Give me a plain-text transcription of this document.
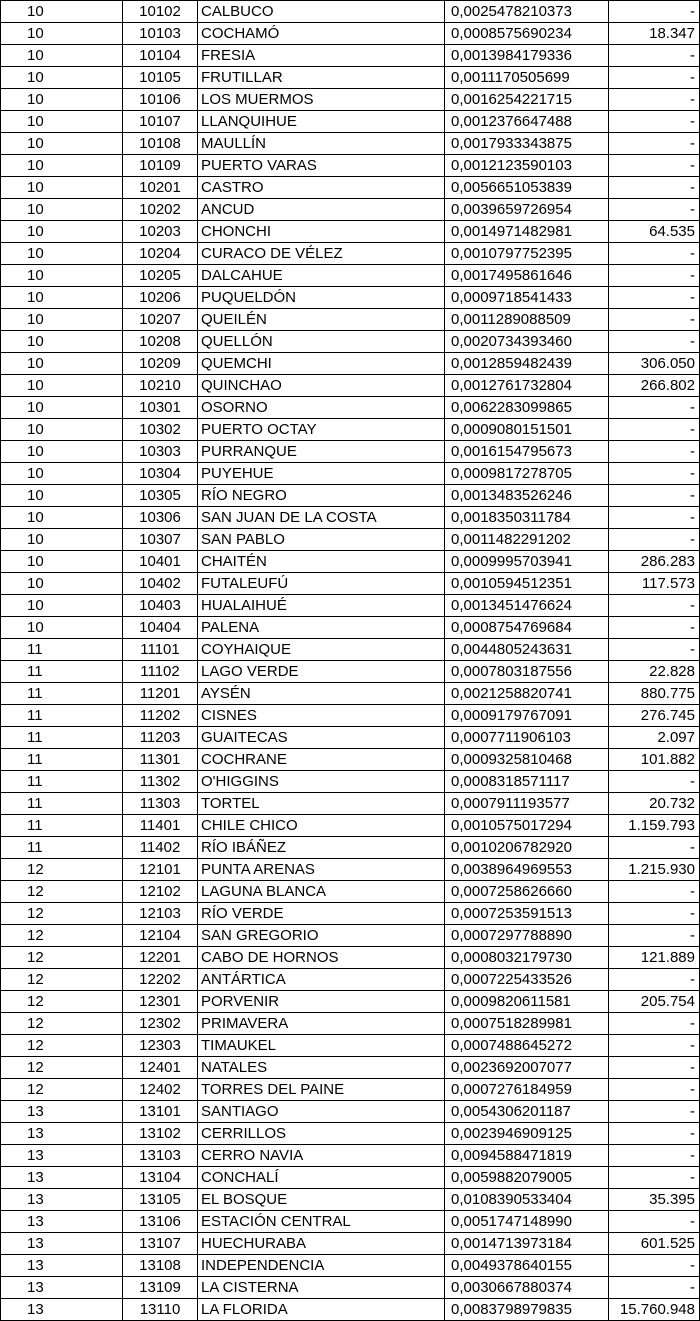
10	10102	CALBUCO	0,0025478210373	-
10	10103	COCHAMÓ	0,0008575690234	18.347
10	10104	FRESIA	0,0013984179336	-
10	10105	FRUTILLAR	0,0011170505699	-
10	10106	LOS MUERMOS	0,0016254221715	-
10	10107	LLANQUIHUE	0,0012376647488	-
10	10108	MAULLÍN	0,0017933343875	-
10	10109	PUERTO VARAS	0,0012123590103	-
10	10201	CASTRO	0,0056651053839	-
10	10202	ANCUD	0,0039659726954	-
10	10203	CHONCHI	0,0014971482981	64.535
10	10204	CURACO DE VÉLEZ	0,0010797752395	-
10	10205	DALCAHUE	0,0017495861646	-
10	10206	PUQUELDÓN	0,0009718541433	-
10	10207	QUEILÉN	0,0011289088509	-
10	10208	QUELLÓN	0,0020734393460	-
10	10209	QUEMCHI	0,0012859482439	306.050
10	10210	QUINCHAO	0,0012761732804	266.802
10	10301	OSORNO	0,0062283099865	-
10	10302	PUERTO OCTAY	0,0009080151501	-
10	10303	PURRANQUE	0,0016154795673	-
10	10304	PUYEHUE	0,0009817278705	-
10	10305	RÍO NEGRO	0,0013483526246	-
10	10306	SAN JUAN DE LA COSTA	0,0018350311784	-
10	10307	SAN PABLO	0,0011482291202	-
10	10401	CHAITÉN	0,0009995703941	286.283
10	10402	FUTALEUFÚ	0,0010594512351	117.573
10	10403	HUALAIHUÉ	0,0013451476624	-
10	10404	PALENA	0,0008754769684	-
11	11101	COYHAIQUE	0,0044805243631	-
11	11102	LAGO VERDE	0,0007803187556	22.828
11	11201	AYSÉN	0,0021258820741	880.775
11	11202	CISNES	0,0009179767091	276.745
11	11203	GUAITECAS	0,0007711906103	2.097
11	11301	COCHRANE	0,0009325810468	101.882
11	11302	O'HIGGINS	0,0008318571117	-
11	11303	TORTEL	0,0007911193577	20.732
11	11401	CHILE CHICO	0,0010575017294	1.159.793
11	11402	RÍO IBÁÑEZ	0,0010206782920	-
12	12101	PUNTA ARENAS	0,0038964969553	1.215.930
12	12102	LAGUNA BLANCA	0,0007258626660	-
12	12103	RÍO VERDE	0,0007253591513	-
12	12104	SAN GREGORIO	0,0007297788890	-
12	12201	CABO DE HORNOS	0,0008032179730	121.889
12	12202	ANTÁRTICA	0,0007225433526	-
12	12301	PORVENIR	0,0009820611581	205.754
12	12302	PRIMAVERA	0,0007518289981	-
12	12303	TIMAUKEL	0,0007488645272	-
12	12401	NATALES	0,0023692007077	-
12	12402	TORRES DEL PAINE	0,0007276184959	-
13	13101	SANTIAGO	0,0054306201187	-
13	13102	CERRILLOS	0,0023946909125	-
13	13103	CERRO NAVIA	0,0094588471819	-
13	13104	CONCHALÍ	0,0059882079005	-
13	13105	EL BOSQUE	0,0108390533404	35.395
13	13106	ESTACIÓN CENTRAL	0,0051747148990	-
13	13107	HUECHURABA	0,0014713973184	601.525
13	13108	INDEPENDENCIA	0,0049378640155	-
13	13109	LA CISTERNA	0,0030667880374	-
13	13110	LA FLORIDA	0,0083798979835	15.760.948
